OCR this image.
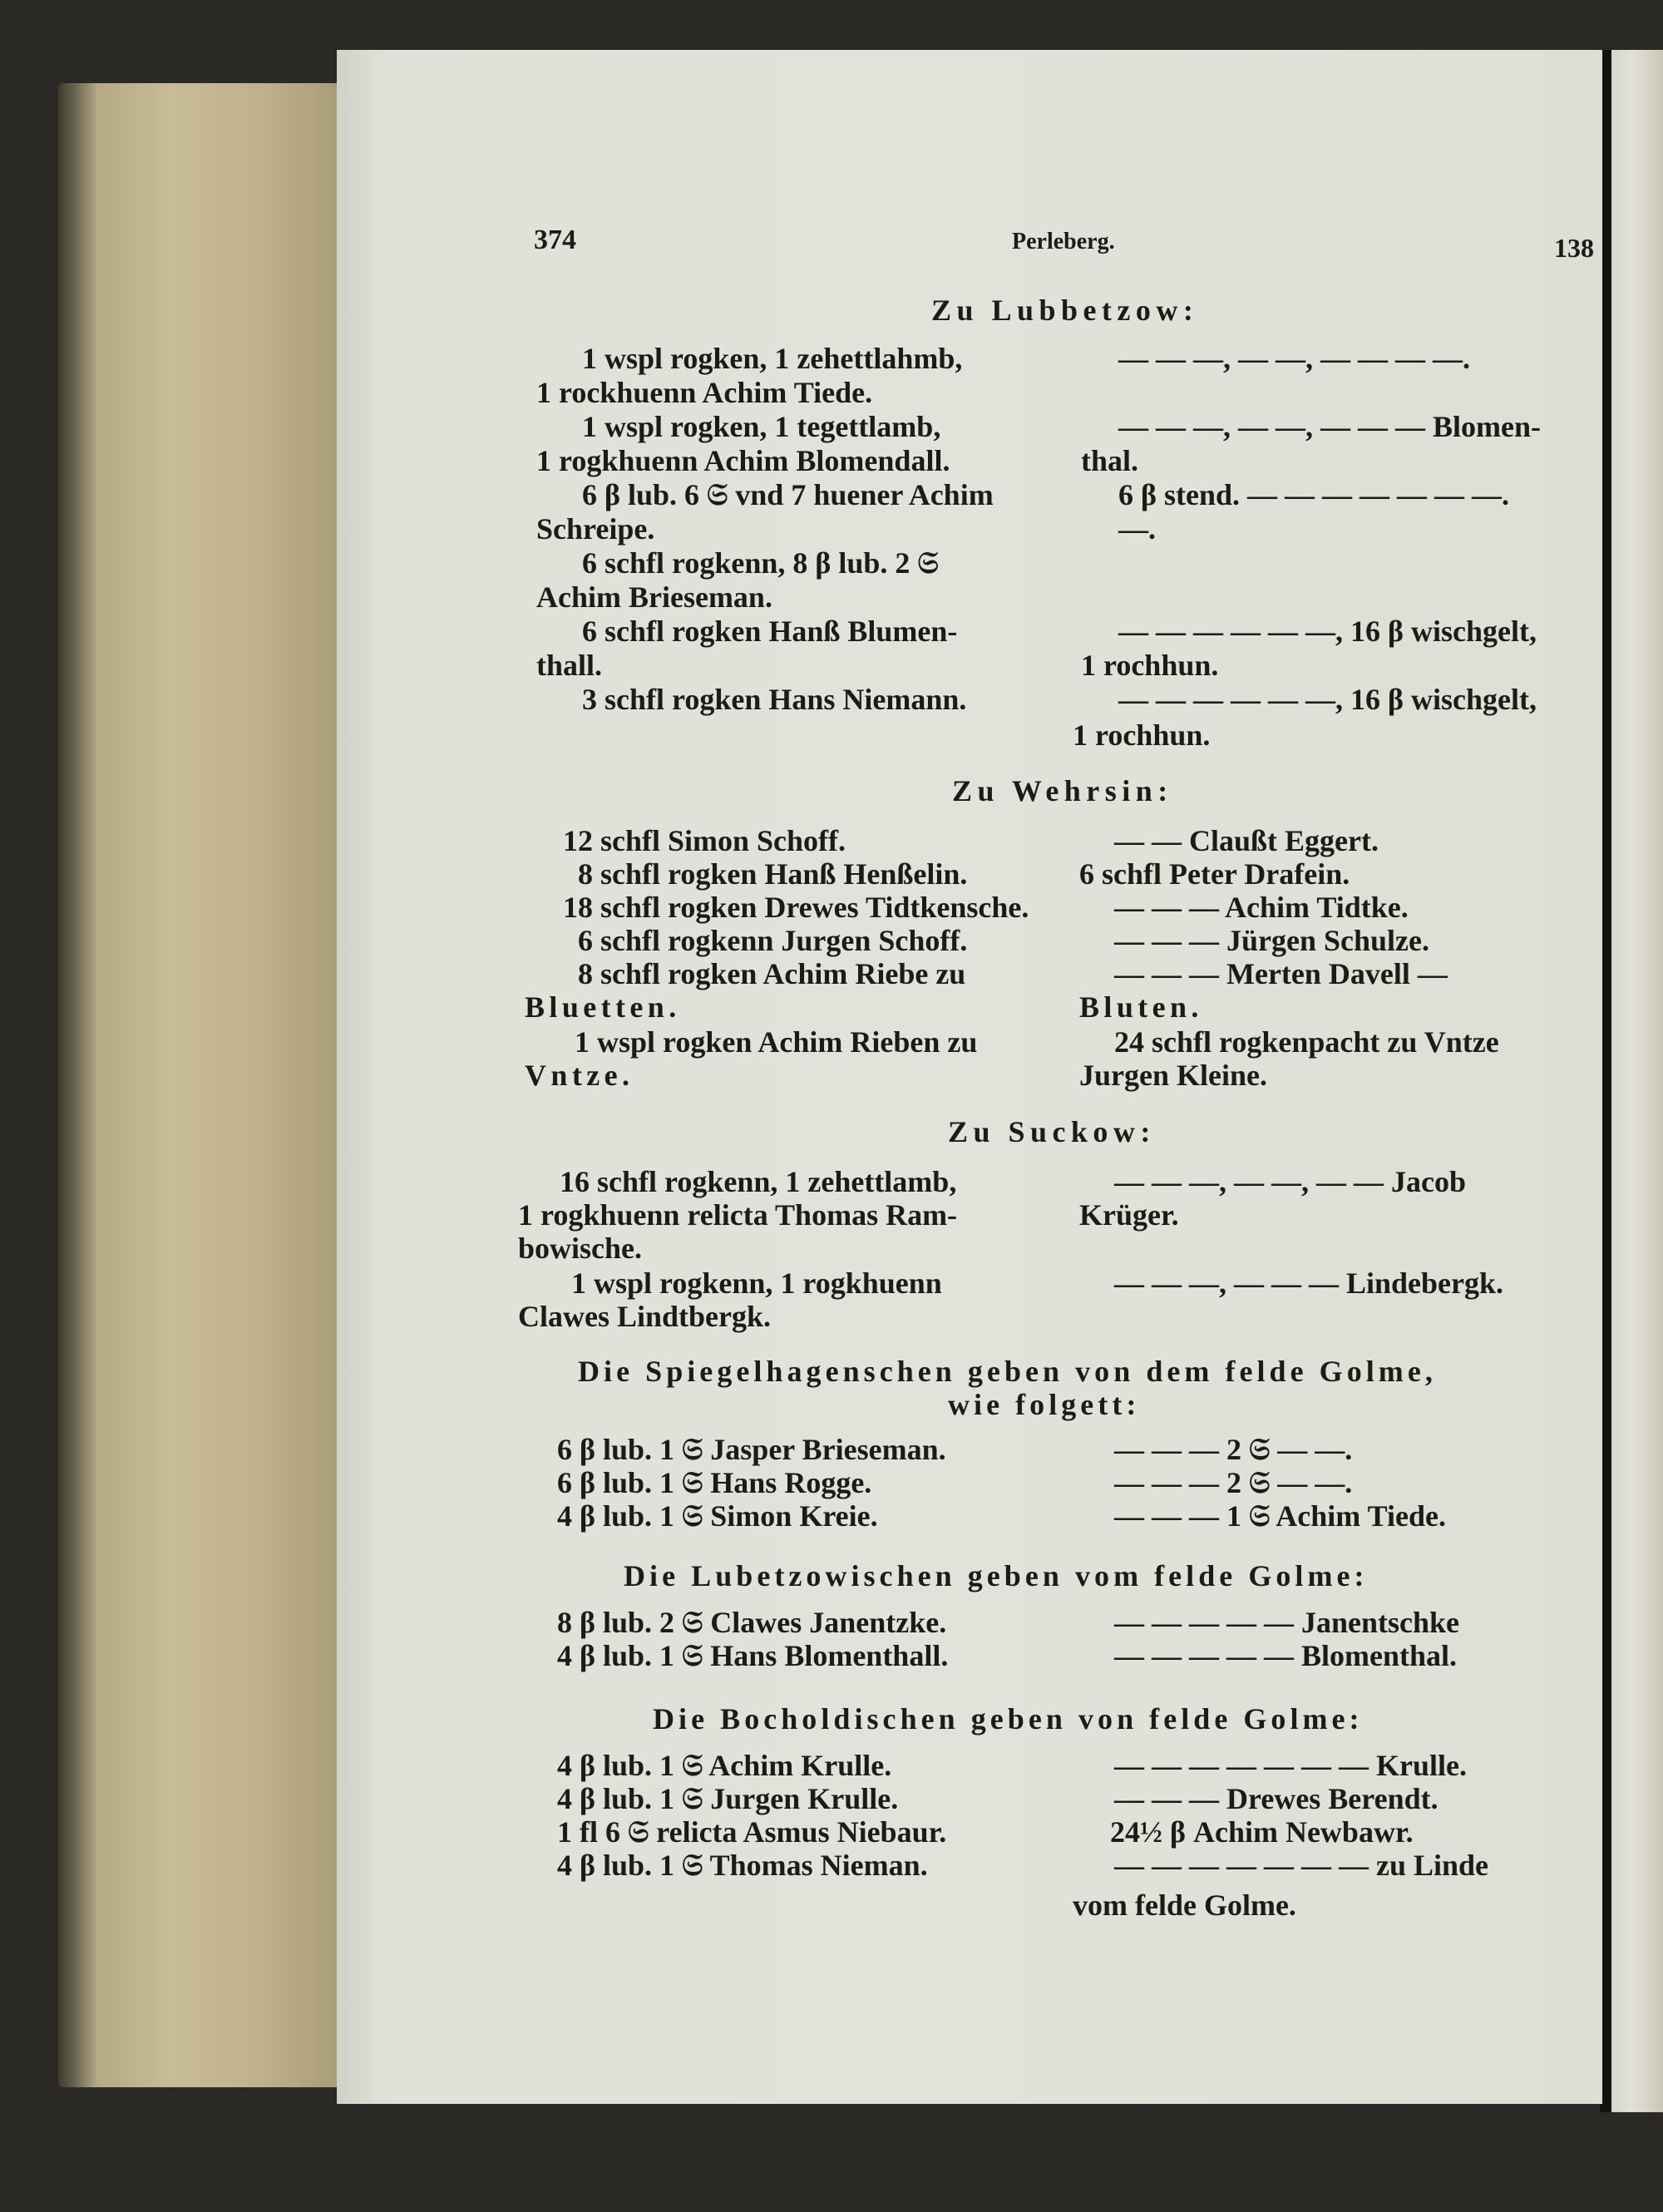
374	Perleberg.	138
Zu Lubbetzow:
1 wspl rogken, 1 zehettlahmb,
1 rockhuenn Achim Tiede.
1 wspl rogken, 1 tegettlamb,
1 rogkhuenn Achim Blomendall.
6 β lub. 6 𝔖 vnd 7 huener Achim
Schreipe.
6 schfl rogkenn, 8 β lub. 2 𝔖
Achim Brieseman.
6 schfl rogken Hanß Blumen-
thall.
3 schfl rogken Hans Niemann.
— — —, — —, — — — —.
— — —, — —, — — — Blomen-
thal.
6 β stend. — — — — — — —.
—.
— — — — — —, 16 β wischgelt,
1 rochhun.
— — — — — —, 16 β wischgelt,
1 rochhun.
Zu Wehrsin:
12 schfl Simon Schoff.
8 schfl rogken Hanß Henßelin.
18 schfl rogken Drewes Tidtkensche.
6 schfl rogkenn Jurgen Schoff.
8 schfl rogken Achim Riebe zu
Bluetten.
1 wspl rogken Achim Rieben zu
Vntze.
— — Claußt Eggert.
6 schfl Peter Drafein.
— — — Achim Tidtke.
— — — Jürgen Schulze.
— — — Merten Davell —
Bluten.
24 schfl rogkenpacht zu Vntze
Jurgen Kleine.
Zu Suckow:
16 schfl rogkenn, 1 zehettlamb,
1 rogkhuenn relicta Thomas Ram-
bowische.
1 wspl rogkenn, 1 rogkhuenn
Clawes Lindtbergk.
— — —, — —, — — Jacob
Krüger.
— — —, — — — Lindebergk.
Die Spiegelhagenschen geben von dem felde Golme,
wie folgett:
6 β lub. 1 𝔖 Jasper Brieseman.
6 β lub. 1 𝔖 Hans Rogge.
4 β lub. 1 𝔖 Simon Kreie.
— — — 2 𝔖 — —.
— — — 2 𝔖 — —.
— — — 1 𝔖 Achim Tiede.
Die Lubetzowischen geben vom felde Golme:
8 β lub. 2 𝔖 Clawes Janentzke.
4 β lub. 1 𝔖 Hans Blomenthall.
— — — — — Janentschke
— — — — — Blomenthal.
Die Bocholdischen geben von felde Golme:
4 β lub. 1 𝔖 Achim Krulle.
4 β lub. 1 𝔖 Jurgen Krulle.
1 fl 6 𝔖 relicta Asmus Niebaur.
4 β lub. 1 𝔖 Thomas Nieman.
— — — — — — — Krulle.
— — — Drewes Berendt.
24½ β Achim Newbawr.
— — — — — — — zu Linde
vom felde Golme.
